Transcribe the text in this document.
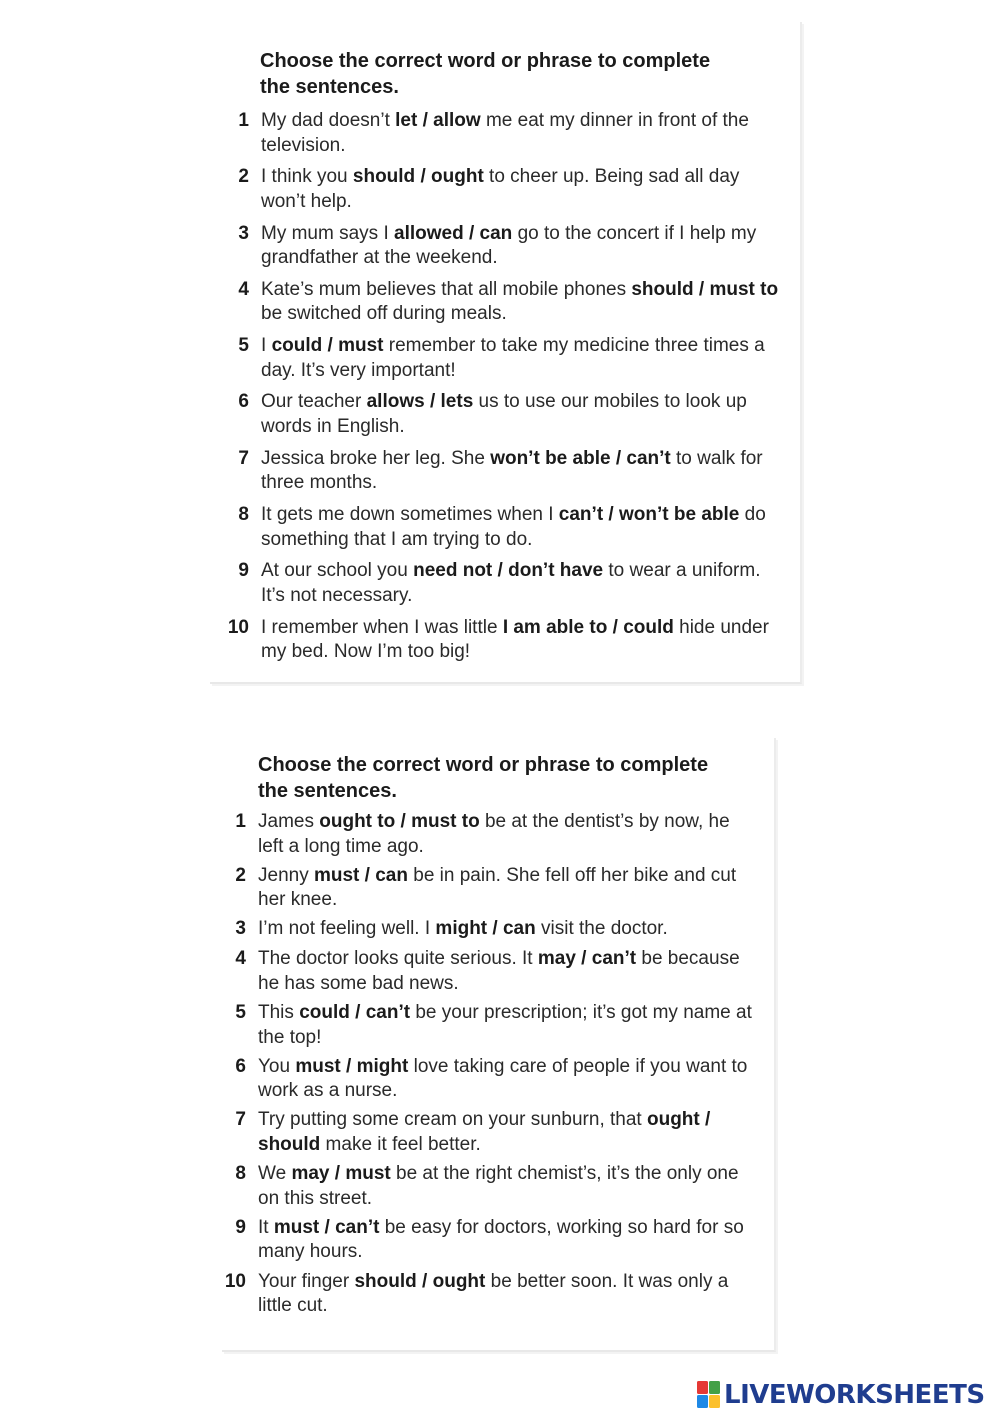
Choose the correct word or phrase to complete
the sentences.
1 My dad doesn’t let / allow me eat my dinner in front of the television.
2 I think you should / ought to cheer up. Being sad all day won’t help.
3 My mum says I allowed / can go to the concert if I help my grandfather at the weekend.
4 Kate’s mum believes that all mobile phones should / must to be switched off during meals.
5 I could / must remember to take my medicine three times a day. It’s very important!
6 Our teacher allows / lets us to use our mobiles to look up words in English.
7 Jessica broke her leg. She won’t be able / can’t to walk for three months.
8 It gets me down sometimes when I can’t / won’t be able do something that I am trying to do.
9 At our school you need not / don’t have to wear a uniform. It’s not necessary.
10 I remember when I was little I am able to / could hide under my bed. Now I’m too big!
Choose the correct word or phrase to complete
the sentences.
1 James ought to / must to be at the dentist’s by now, he left a long time ago.
2 Jenny must / can be in pain. She fell off her bike and cut her knee.
3 I’m not feeling well. I might / can visit the doctor.
4 The doctor looks quite serious. It may / can’t be because he has some bad news.
5 This could / can’t be your prescription; it’s got my name at the top!
6 You must / might love taking care of people if you want to work as a nurse.
7 Try putting some cream on your sunburn, that ought / should make it feel better.
8 We may / must be at the right chemist’s, it’s the only one on this street.
9 It must / can’t be easy for doctors, working so hard for so many hours.
10 Your finger should / ought be better soon. It was only a little cut.

LIVEWORKSHEETS
